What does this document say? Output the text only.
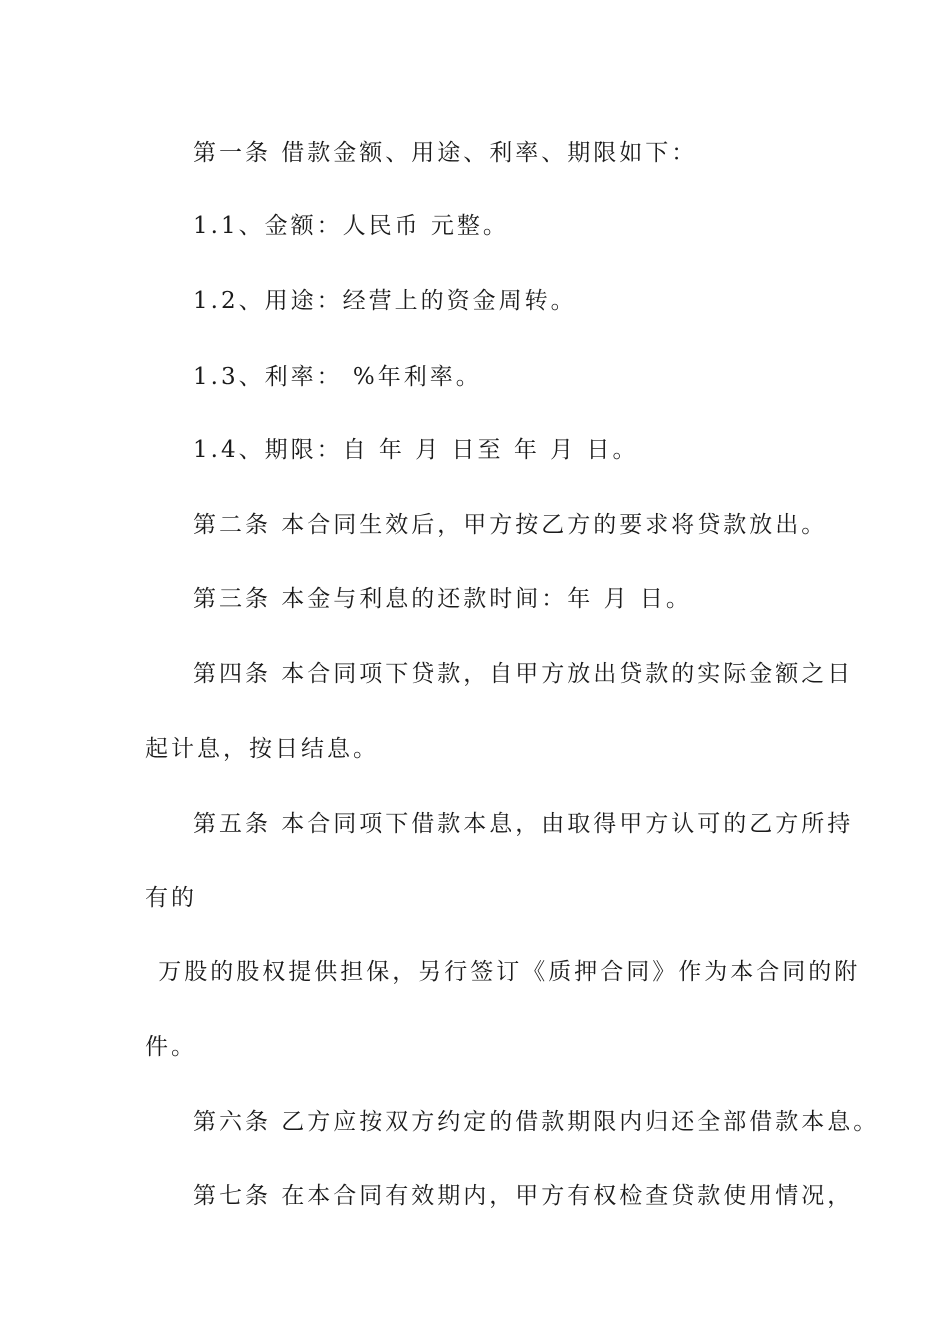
第一条 借款金额、用途、利率、期限如下：
1.1、金额：人民币 元整。
1.2、用途：经营上的资金周转。
1.3、利率： %年利率。
1.4、期限：自 年 月 日至 年 月 日。
第二条 本合同生效后，甲方按乙方的要求将贷款放出。
第三条 本金与利息的还款时间：年 月 日。
第四条 本合同项下贷款，自甲方放出贷款的实际金额之日
起计息，按日结息。
第五条 本合同项下借款本息，由取得甲方认可的乙方所持
有的
万股的股权提供担保，另行签订《质押合同》作为本合同的附
件。
第六条 乙方应按双方约定的借款期限内归还全部借款本息。
第七条 在本合同有效期内，甲方有权检查贷款使用情况，
